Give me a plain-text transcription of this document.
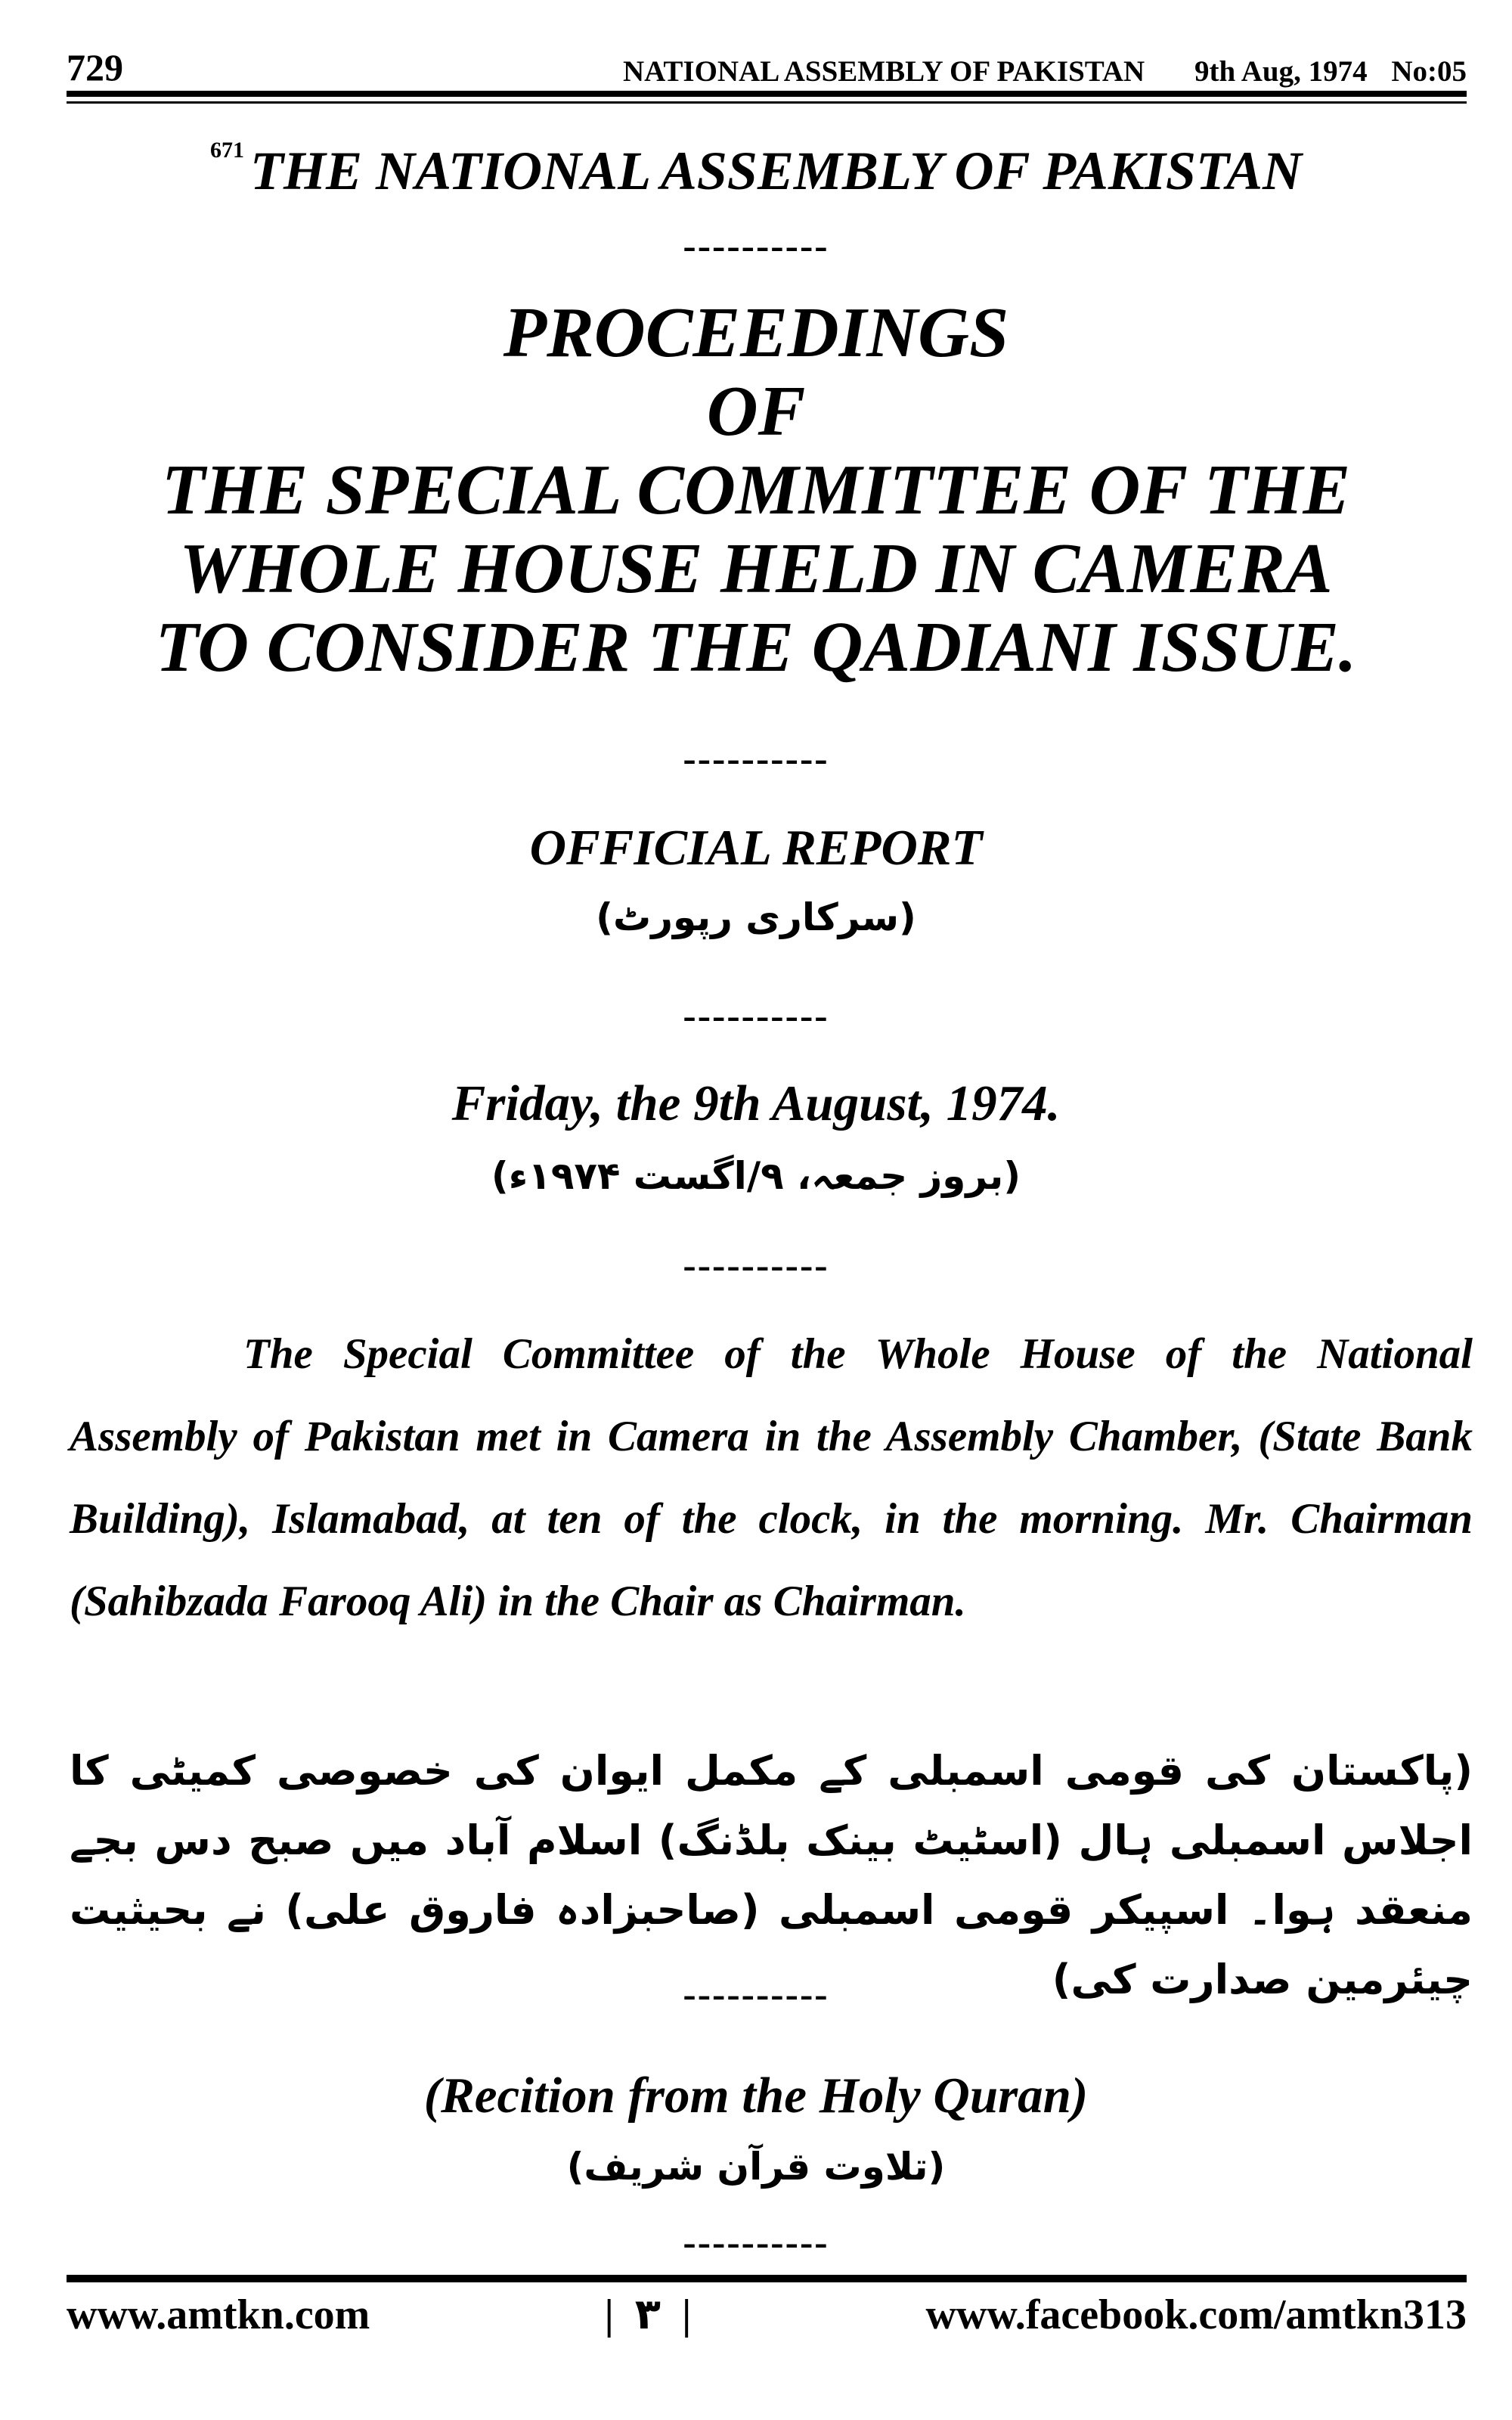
729	NATIONAL ASSEMBLY OF PAKISTAN 9th Aug, 1974 No:05
$^{671}$ THE NATIONAL ASSEMBLY OF PAKISTAN
----------
PROCEEDINGS
OF
THE SPECIAL COMMITTEE OF THE
WHOLE HOUSE HELD IN CAMERA
TO CONSIDER THE QADIANI ISSUE.
----------
OFFICIAL REPORT
(سرکاری رپورٹ)
----------
Friday, the 9th August, 1974.
(بروز جمعہ، ۹/اگست ۱۹۷۴ء)
----------
The Special Committee of the Whole House of the National Assembly of Pakistan met in Camera in the Assembly Chamber, (State Bank Building), Islamabad, at ten of the clock, in the morning. Mr. Chairman (Sahibzada Farooq Ali) in the Chair as Chairman.
(پاکستان کی قومی اسمبلی کے مکمل ایوان کی خصوصی کمیٹی کا اجلاس اسمبلی ہال (اسٹیٹ بینک بلڈنگ) اسلام آباد میں صبح دس بجے منعقد ہوا۔ اسپیکر قومی اسمبلی (صاحبزادہ فاروق علی) نے بحیثیت چیئرمین صدارت کی)
----------
(Recition from the Holy Quran)
(تلاوت قرآن شریف)
----------
www.amtkn.com	| ۳ |	www.facebook.com/amtkn313
